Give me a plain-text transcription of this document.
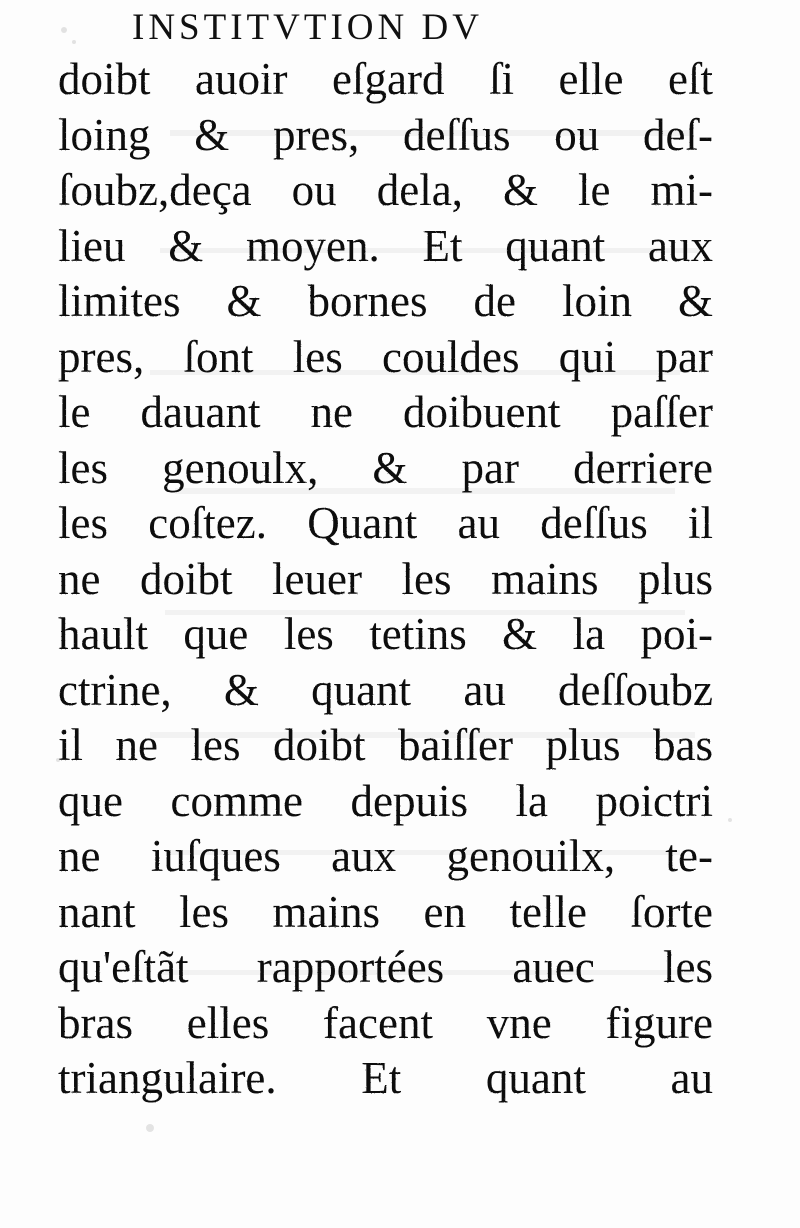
INSTITVTION DV
doibt auoir eſgard ſi elle eſt
loing & pres, deſſus ou deſ-
ſoubz,deça ou dela, & le mi-
lieu & moyen. Et quant aux
limites & bornes de loin &
pres, ſont les couldes qui par
le dauant ne doibuent paſſer
les genoulx, & par derriere
les coſtez. Quant au deſſus il
ne doibt leuer les mains plus
hault que les tetins & la poi-
ctrine, & quant au deſſoubz
il ne les doibt baiſſer plus bas
que comme depuis la poictri
ne iuſques aux genouilx, te-
nant les mains en telle ſorte
qu'eſtãt rapportées auec les
bras elles facent vne figure
triangulaire. Et quant au
